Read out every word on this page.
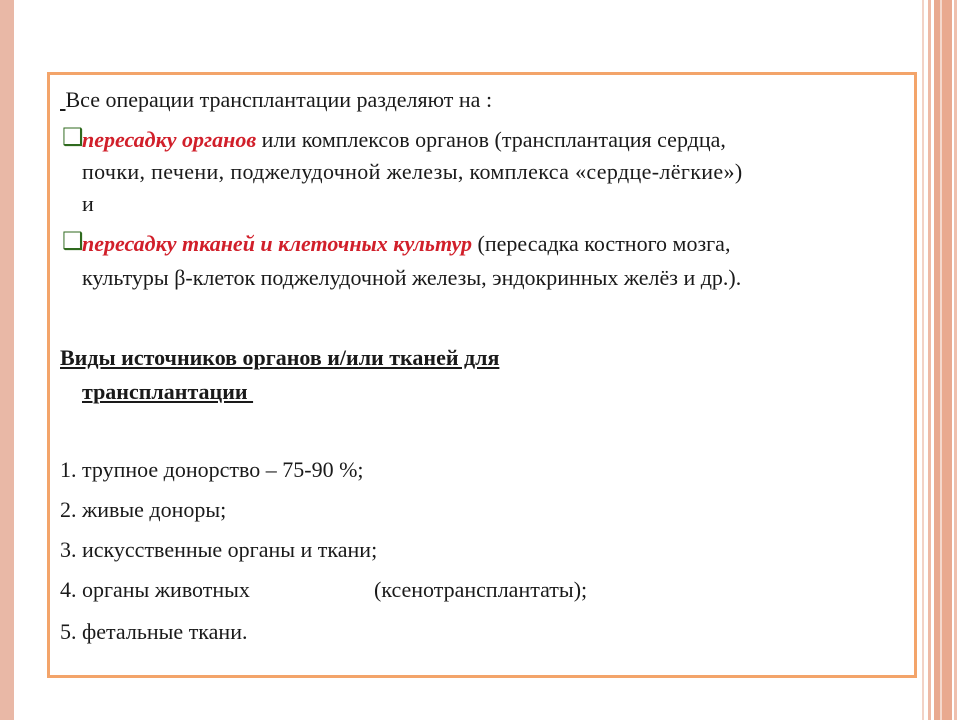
Все операции трансплантации разделяют на :
❑
пересадку органов или комплексов органов (трансплантация сердца,
почки, печени, поджелудочной железы, комплекса «сердце-лёгкие»)
и
❑
пересадку тканей и клеточных культур (пересадка костного мозга,
культуры β-клеток поджелудочной железы, эндокринных желёз и др.).
Виды источников органов и/или тканей для
трансплантации
1. трупное донорство – 75-90 %;
2. живые доноры;
3. искусственные органы и ткани;
4. органы животных	(ксенотрансплантаты);
5. фетальные ткани.
